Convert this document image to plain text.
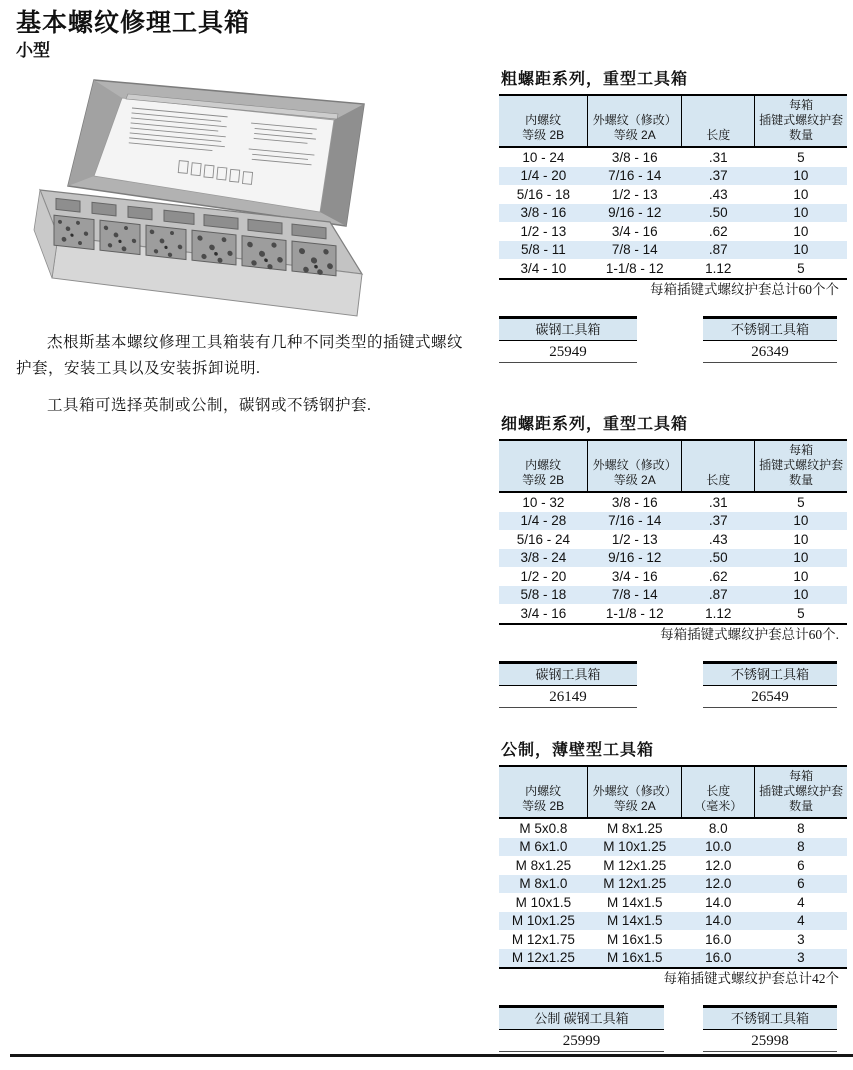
基本螺纹修理工具箱
小型

杰根斯基本螺纹修理工具箱装有几种不同类型的插键式螺纹护套，安装工具以及安装拆卸说明.

工具箱可选择英制或公制，碳钢或不锈钢护套.

粗螺距系列，重型工具箱
内螺纹
等级 2B	外螺纹（修改）
等级 2A	长度	每箱
插键式螺纹护套
数量
10 - 24	3/8 - 16	.31	5
1/4 - 20	7/16 - 14	.37	10
5/16 - 18	1/2 - 13	.43	10
3/8 - 16	9/16 - 12	.50	10
1/2 - 13	3/4 - 16	.62	10
5/8 - 11	7/8 - 14	.87	10
3/4 - 10	1-1/8 - 12	1.12	5
每箱插键式螺纹护套总计60个个
碳钢工具箱
25949
不锈钢工具箱
26349
细螺距系列，重型工具箱
内螺纹
等级 2B	外螺纹（修改）
等级 2A	长度	每箱
插键式螺纹护套
数量
10 - 32	3/8 - 16	.31	5
1/4 - 28	7/16 - 14	.37	10
5/16 - 24	1/2 - 13	.43	10
3/8 - 24	9/16 - 12	.50	10
1/2 - 20	3/4 - 16	.62	10
5/8 - 18	7/8 - 14	.87	10
3/4 - 16	1-1/8 - 12	1.12	5
每箱插键式螺纹护套总计60个.
碳钢工具箱
26149
不锈钢工具箱
26549
公制，薄壁型工具箱
内螺纹
等级 2B	外螺纹（修改）
等级 2A	长度
（毫米）	每箱
插键式螺纹护套
数量
M 5x0.8	M 8x1.25	8.0	8
M 6x1.0	M 10x1.25	10.0	8
M 8x1.25	M 12x1.25	12.0	6
M 8x1.0	M 12x1.25	12.0	6
M 10x1.5	M 14x1.5	14.0	4
M 10x1.25	M 14x1.5	14.0	4
M 12x1.75	M 16x1.5	16.0	3
M 12x1.25	M 16x1.5	16.0	3
每箱插键式螺纹护套总计42个
公制 碳钢工具箱
25999
不锈钢工具箱
25998
